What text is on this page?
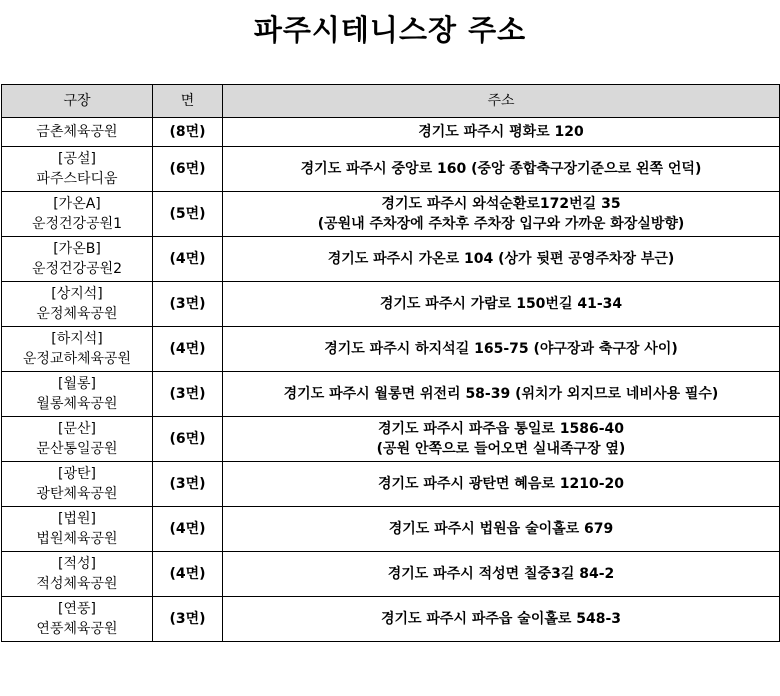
파주시테니스장 주소
구장	면	주소

금촌체육공원	(8면)	경기도 파주시 평화로 120

[공설]
파주스타디움	(6면)	경기도 파주시 중앙로 160 (중앙 종합축구장기준으로 왼쪽 언덕)

[가온A]
운정건강공원1	(5면)	경기도 파주시 와석순환로172번길 35
(공원내 주차장에 주차후 주차장 입구와 가까운 화장실방향)

[가온B]
운정건강공원2	(4면)	경기도 파주시 가온로 104 (상가 뒷편 공영주차장 부근)

[상지석]
운정체육공원	(3면)	경기도 파주시 가람로 150번길 41-34

[하지석]
운정교하체육공원	(4면)	경기도 파주시 하지석길 165-75 (야구장과 축구장 사이)

[월롱]
월롱체육공원	(3면)	경기도 파주시 월롱면 위전리 58-39 (위치가 외지므로 네비사용 필수)

[문산]
문산통일공원	(6면)	경기도 파주시 파주읍 통일로 1586-40
(공원 안쪽으로 들어오면 실내족구장 옆)

[광탄]
광탄체육공원	(3면)	경기도 파주시 광탄면 혜음로 1210-20

[법원]
법원체육공원	(4면)	경기도 파주시 법원읍 술이홀로 679

[적성]
적성체육공원	(4면)	경기도 파주시 적성면 칠중3길 84-2

[연풍]
연풍체육공원	(3면)	경기도 파주시 파주읍 술이홀로 548-3
